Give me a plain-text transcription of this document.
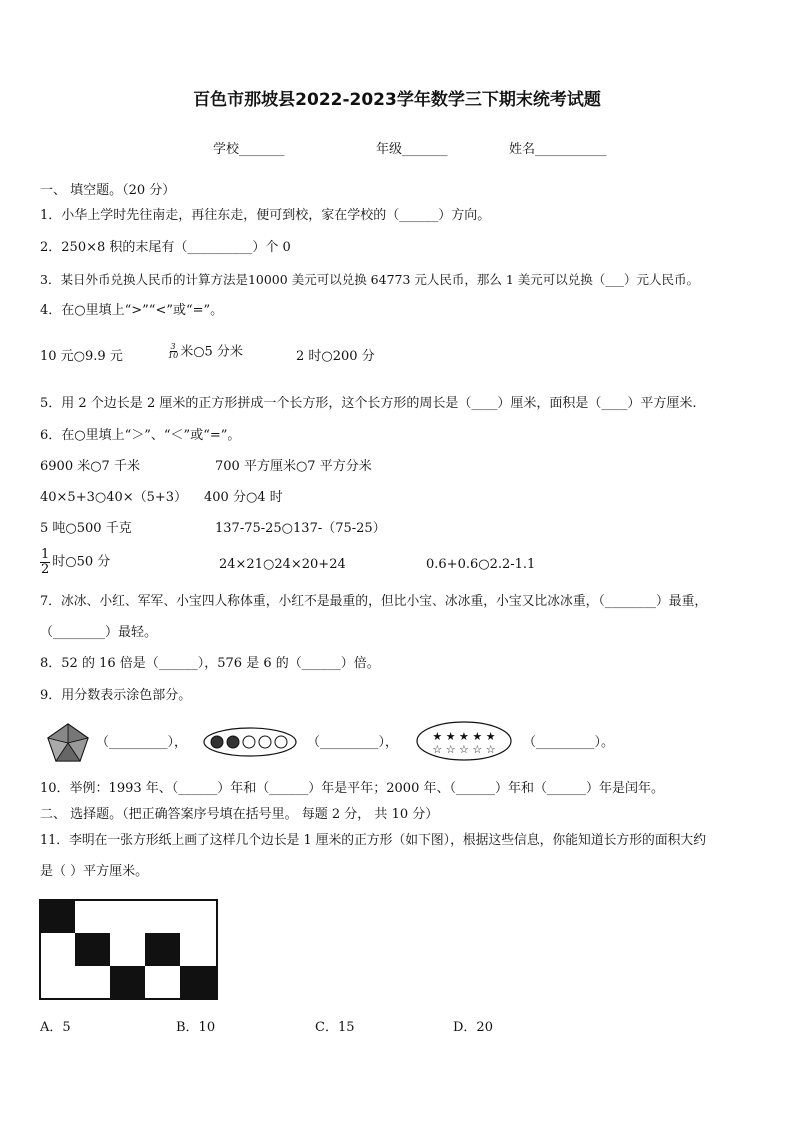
百色市那坡县2022-2023学年数学三下期末统考试题
学校_______	年级_______	姓名___________
一、 填空题。（20 分）
1．小华上学时先往南走，再往东走，便可到校，家在学校的（______）方向。
2．250×8 积的末尾有（__________）个 0
3．某日外币兑换人民币的计算方法是10000 美元可以兑换 64773 元人民币，那么 1 美元可以兑换（___）元人民币。
4．在○里填上“>”“<”或“=”。
10 元○9.9 元	$\frac{3}{10}$ 米○5 分米	2 时○200 分
5．用 2 个边长是 2 厘米的正方形拼成一个长方形，这个长方形的周长是（____）厘米，面积是（____）平方厘米.
6．在○里填上“＞”、“＜”或“=”。
6900 米○7 千米	700 平方厘米○7 平方分米
40×5+3○40×（5+3） 400 分○4 时
5 吨○500 千克	137-75-25○137-（75-25）
$\frac{1}{2}$ 时○50 分	24×21○24×20+24	0.6+0.6○2.2-1.1
7．冰冰、小红、军军、小宝四人称体重，小红不是最重的，但比小宝、冰冰重，小宝又比冰冰重，（________）最重，
（________）最轻。
8．52 的 16 倍是（______），576 是 6 的（______）倍。
9．用分数表示涂色部分。
（_________），	（_________），	★ ★ ★ ★ ★
☆ ☆ ☆ ☆ ☆ （_________）。
10．举例：1993 年、（______）年和（______）年是平年；2000 年、（______）年和（______）年是闰年。
二、 选择题。（把正确答案序号填在括号里。 每题 2 分， 共 10 分）
11．李明在一张方形纸上画了这样几个边长是 1 厘米的正方形（如下图），根据这些信息，你能知道长方形的面积大约
是（ ）平方厘米。
A．5	B．10	C．15	D．20
